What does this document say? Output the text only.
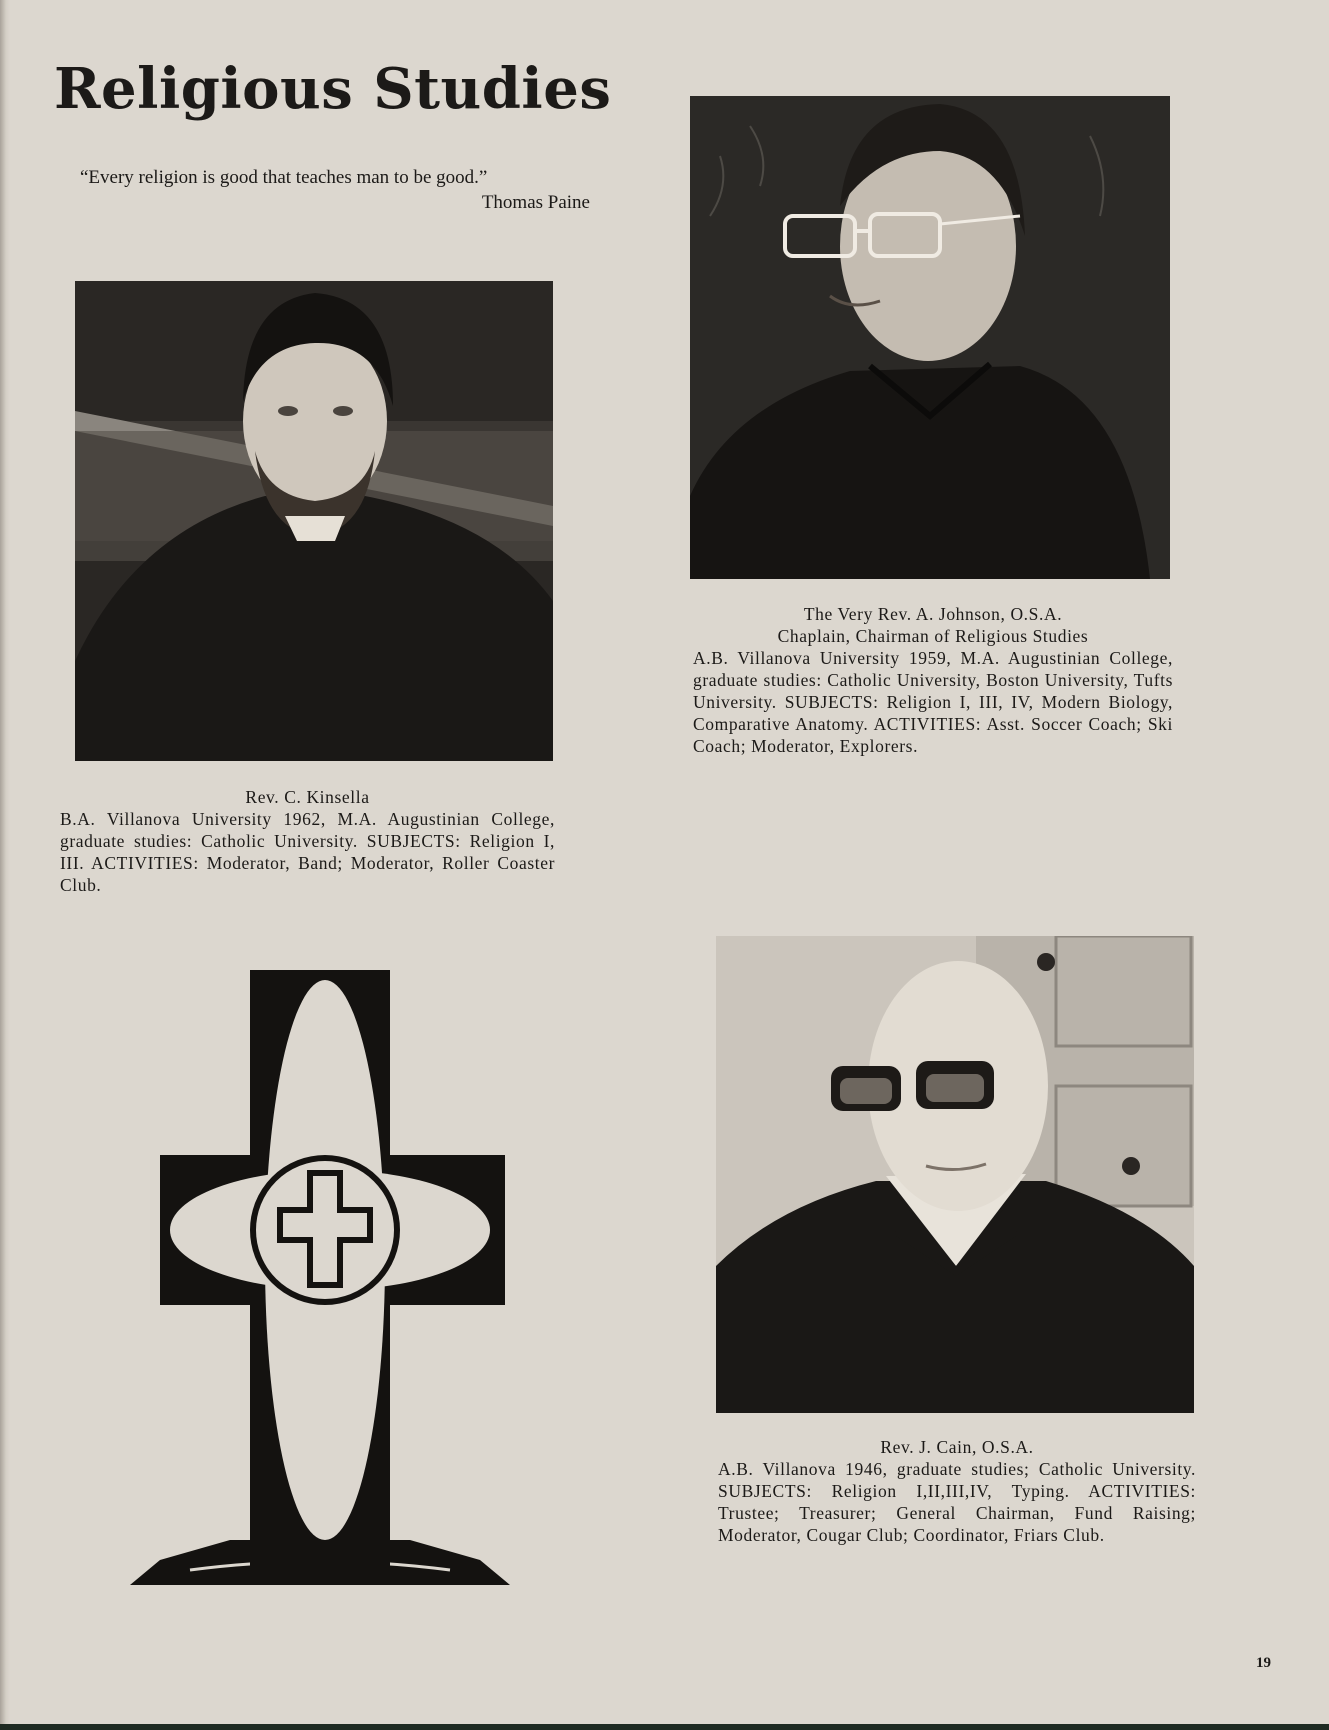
Religious Studies

“Every religion is good that teaches man to be good.”

Thomas Paine

Rev. C. Kinsella
B.A. Villanova University 1962, M.A. Augustinian College, graduate studies: Catholic University. SUBJECTS: Religion I, III. ACTIVITIES: Moderator, Band; Moderator, Roller Coaster Club.

The Very Rev. A. Johnson, O.S.A.
Chaplain, Chairman of Religious Studies
A.B. Villanova University 1959, M.A. Augustinian College, graduate studies: Catholic University, Boston University, Tufts University. SUBJECTS: Religion I, III, IV, Modern Biology, Comparative Anatomy. ACTIVITIES: Asst. Soccer Coach; Ski Coach; Moderator, Explorers.

Rev. J. Cain, O.S.A.
A.B. Villanova 1946, graduate studies; Catholic University. SUBJECTS: Religion I,II,III,IV, Typing. ACTIVITIES: Trustee; Treasurer; General Chairman, Fund Raising; Moderator, Cougar Club; Coordinator, Friars Club.

19
